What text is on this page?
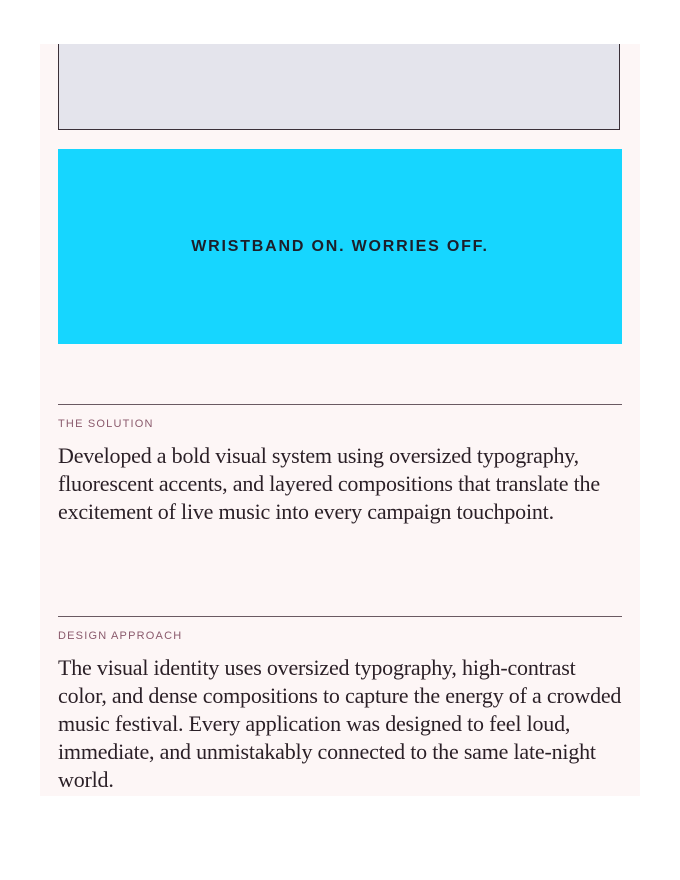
WRISTBAND ON. WORRIES OFF.
THE SOLUTION
Developed a bold visual system using oversized typography, fluorescent accents, and layered compositions that translate the excitement of live music into every campaign touchpoint.
DESIGN APPROACH
The visual identity uses oversized typography, high-contrast color, and dense compositions to capture the energy of a crowded music festival. Every application was designed to feel loud, immediate, and unmistakably connected to the same late-night world.
